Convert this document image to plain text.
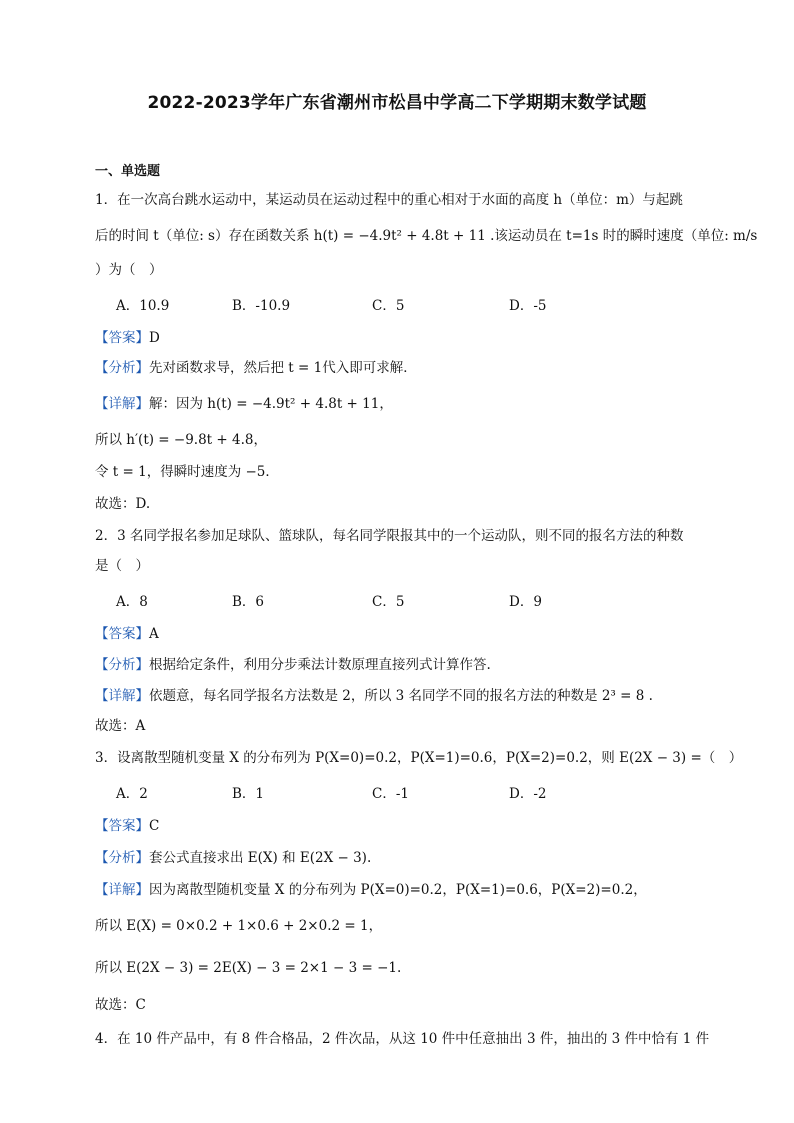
2022-2023学年广东省潮州市松昌中学高二下学期期末数学试题
一、单选题
1．在一次高台跳水运动中，某运动员在运动过程中的重心相对于水面的高度 h（单位：m）与起跳
后的时间 t（单位: s）存在函数关系 h(t) = −4.9t² + 4.8t + 11 .该运动员在 t=1s 时的瞬时速度（单位: m/s
）为（　）
A．10.9	B．-10.9	C．5	D．-5
【答案】D
【分析】先对函数求导，然后把 t = 1代入即可求解．
【详解】解：因为 h(t) = −4.9t² + 4.8t + 11，
所以 h′(t) = −9.8t + 4.8，
令 t = 1，得瞬时速度为 −5．
故选：D.
2．3 名同学报名参加足球队、篮球队，每名同学限报其中的一个运动队，则不同的报名方法的种数
是（　）
A．8	B．6	C．5	D．9
【答案】A
【分析】根据给定条件，利用分步乘法计数原理直接列式计算作答.
【详解】依题意，每名同学报名方法数是 2，所以 3 名同学不同的报名方法的种数是 2³ = 8 .
故选：A
3．设离散型随机变量 X 的分布列为 P(X=0)=0.2，P(X=1)=0.6，P(X=2)=0.2，则 E(2X − 3) =（　）
A．2	B．1	C．-1	D．-2
【答案】C
【分析】套公式直接求出 E(X) 和 E(2X − 3).
【详解】因为离散型随机变量 X 的分布列为 P(X=0)=0.2，P(X=1)=0.6，P(X=2)=0.2，
所以 E(X) = 0×0.2 + 1×0.6 + 2×0.2 = 1，
所以 E(2X − 3) = 2E(X) − 3 = 2×1 − 3 = −1.
故选：C
4．在 10 件产品中，有 8 件合格品，2 件次品，从这 10 件中任意抽出 3 件，抽出的 3 件中恰有 1 件
